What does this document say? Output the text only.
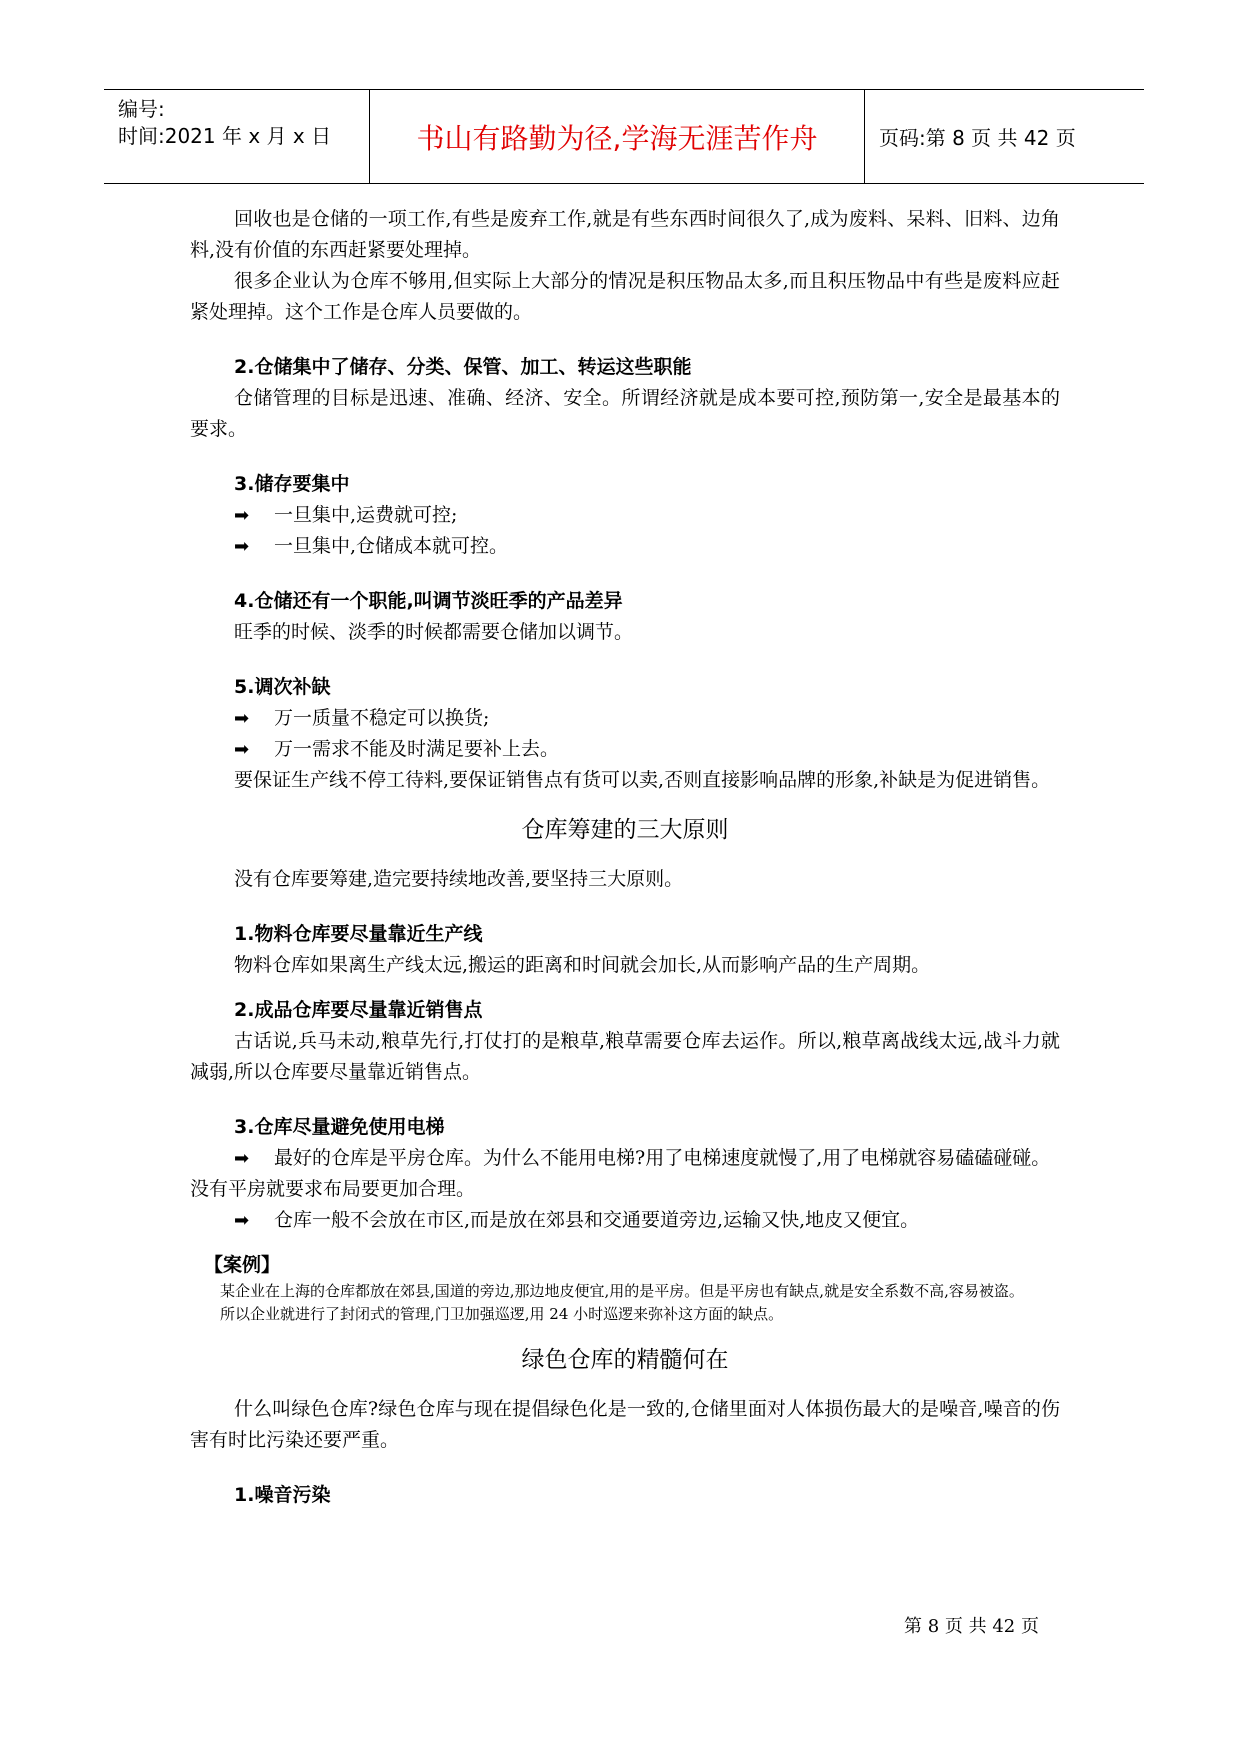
编号:
时间:2021 年 x 月 x 日	书山有路勤为径,学海无涯苦作舟	页码:第 8 页 共 42 页

回收也是仓储的一项工作,有些是废弃工作,就是有些东西时间很久了,成为废料、呆料、旧料、边角料,没有价值的东西赶紧要处理掉。

很多企业认为仓库不够用,但实际上大部分的情况是积压物品太多,而且积压物品中有些是废料应赶紧处理掉。这个工作是仓库人员要做的。

2.仓储集中了储存、分类、保管、加工、转运这些职能

仓储管理的目标是迅速、准确、经济、安全。所谓经济就是成本要可控,预防第一,安全是最基本的要求。

3.储存要集中

➡	一旦集中,运费就可控;

➡	一旦集中,仓储成本就可控。

4.仓储还有一个职能,叫调节淡旺季的产品差异

旺季的时候、淡季的时候都需要仓储加以调节。

5.调次补缺

➡	万一质量不稳定可以换货;

➡	万一需求不能及时满足要补上去。

要保证生产线不停工待料,要保证销售点有货可以卖,否则直接影响品牌的形象,补缺是为促进销售。

仓库筹建的三大原则

没有仓库要筹建,造完要持续地改善,要坚持三大原则。

1.物料仓库要尽量靠近生产线

物料仓库如果离生产线太远,搬运的距离和时间就会加长,从而影响产品的生产周期。

2.成品仓库要尽量靠近销售点

古话说,兵马未动,粮草先行,打仗打的是粮草,粮草需要仓库去运作。所以,粮草离战线太远,战斗力就减弱,所以仓库要尽量靠近销售点。

3.仓库尽量避免使用电梯

➡ 最好的仓库是平房仓库。为什么不能用电梯?用了电梯速度就慢了,用了电梯就容易磕磕碰碰。没有平房就要求布局要更加合理。

➡	仓库一般不会放在市区,而是放在郊县和交通要道旁边,运输又快,地皮又便宜。

【案例】

某企业在上海的仓库都放在郊县,国道的旁边,那边地皮便宜,用的是平房。但是平房也有缺点,就是安全系数不高,容易被盗。

所以企业就进行了封闭式的管理,门卫加强巡逻,用 24 小时巡逻来弥补这方面的缺点。

绿色仓库的精髓何在

什么叫绿色仓库?绿色仓库与现在提倡绿色化是一致的,仓储里面对人体损伤最大的是噪音,噪音的伤害有时比污染还要严重。

1.噪音污染

第 8 页 共 42 页
